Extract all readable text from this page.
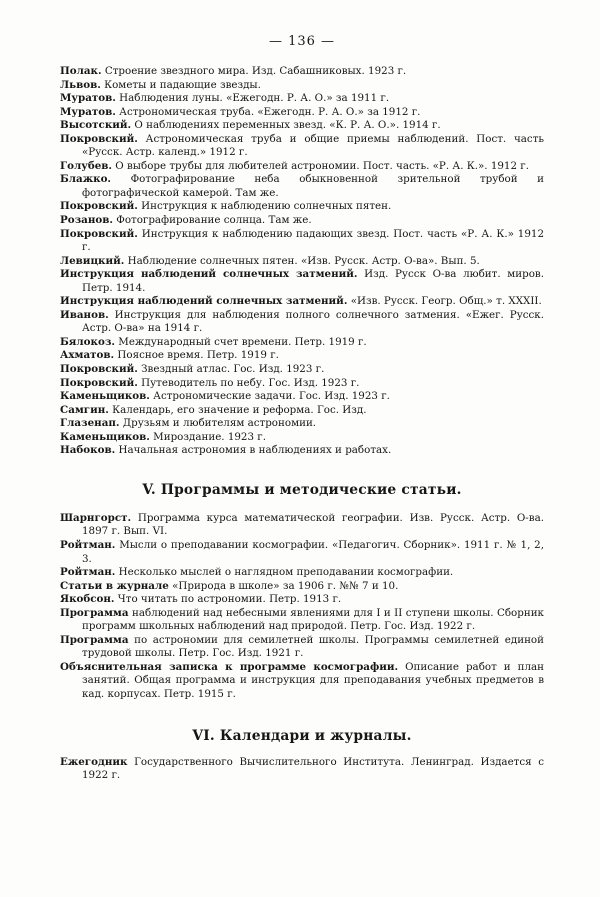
— 136 —

Полак. Строение звездного мира. Изд. Сабашниковых. 1923 г.

Львов. Кометы и падающие звезды.

Муратов. Наблюдения луны. «Ежегодн. Р. А. О.» за 1911 г.

Муратов. Астрономическая труба. «Ежегодн. Р. А. О.» за 1912 г.

Высотский. О наблюдениях переменных звезд. «К. Р. А. О.». 1914 г.

Покровский. Астрономическая труба и общие приемы наблюдений. Пост. часть «Русск. Астр. календ.» 1912 г.

Голубев. О выборе трубы для любителей астрономии. Пост. часть. «Р. А. К.». 1912 г.

Блажко. Фотографирование неба обыкновенной зрительной трубой и фотографической камерой. Там же.

Покровский. Инструкция к наблюдению солнечных пятен.

Розанов. Фотографирование солнца. Там же.

Покровский. Инструкция к наблюдению падающих звезд. Пост. часть «Р. А. К.» 1912 г.

Левицкий. Наблюдение солнечных пятен. «Изв. Русск. Астр. О-ва». Вып. 5.

Инструкция наблюдений солнечных затмений. Изд. Русск О-ва любит. миров. Петр. 1914.

Инструкция наблюдений солнечных затмений. «Изв. Русск. Геогр. Общ.» т. XXXII.

Иванов. Инструкция для наблюдения полного солнечного затмения. «Ежег. Русск. Астр. О-ва» на 1914 г.

Бялокоз. Международный счет времени. Петр. 1919 г.

Ахматов. Поясное время. Петр. 1919 г.

Покровский. Звездный атлас. Гос. Изд. 1923 г.

Покровский. Путеводитель по небу. Гос. Изд. 1923 г.

Каменьщиков. Астрономические задачи. Гос. Изд. 1923 г.

Самгин. Календарь, его значение и реформа. Гос. Изд.

Глазенап. Друзьям и любителям астрономии.

Каменьщиков. Мироздание. 1923 г.

Набоков. Начальная астрономия в наблюдениях и работах.

V. Программы и методические статьи.

Шарнгорст. Программа курса математической географии. Изв. Русск. Астр. О-ва. 1897 г. Вып. VI.

Ройтман. Мысли о преподавании космографии. «Педагогич. Сборник». 1911 г. № 1, 2, 3.

Ройтман. Несколько мыслей о наглядном преподавании космографии.

Статьи в журнале «Природа в школе» за 1906 г. №№ 7 и 10.

Якобсон. Что читать по астрономии. Петр. 1913 г.

Программа наблюдений над небесными явлениями для I и II ступени школы. Сборник программ школьных наблюдений над природой. Петр. Гос. Изд. 1922 г.

Программа по астрономии для семилетней школы. Программы семилетней единой трудовой школы. Петр. Гос. Изд. 1921 г.

Объяснительная записка к программе космографии. Описание работ и план занятий. Общая программа и инструкция для преподавания учебных предметов в кад. корпусах. Петр. 1915 г.

VI. Календари и журналы.

Ежегодник Государственного Вычислительного Института. Ленинград. Издается с 1922 г.
